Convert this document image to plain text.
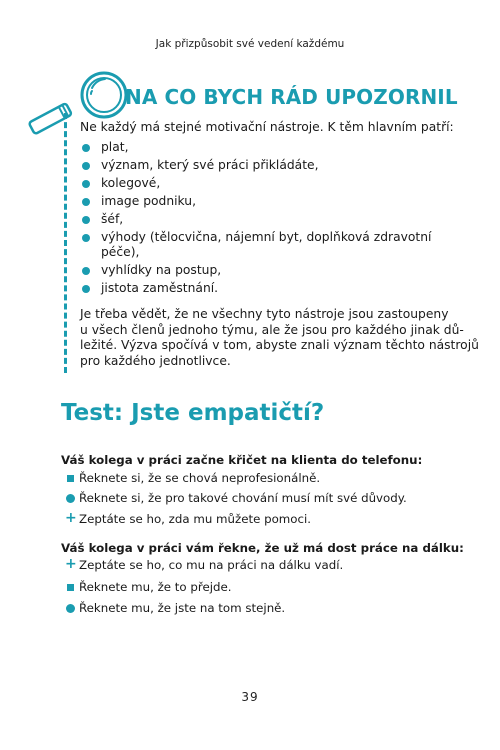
Jak přizpůsobit své vedení každému
NA CO BYCH RÁD UPOZORNIL
Ne každý má stejné motivační nástroje. K těm hlavním patří:
plat,
význam, který své práci přikládáte,
kolegové,
image podniku,
šéf,
výhody (tělocvična, nájemní byt, doplňková zdravotní
péče),
vyhlídky na postup,
jistota zaměstnání.
Je třeba vědět, že ne všechny tyto nástroje jsou zastoupeny
u všech členů jednoho týmu, ale že jsou pro každého jinak dů-
ležité. Výzva spočívá v tom, abyste znali význam těchto nástrojů
pro každého jednotlivce.
Test: Jste empatičtí?
Váš kolega v práci začne křičet na klienta do telefonu:
Řeknete si, že se chová neprofesionálně.
Řeknete si, že pro takové chování musí mít své důvody.
+ Zeptáte se ho, zda mu můžete pomoci.
Váš kolega v práci vám řekne, že už má dost práce na dálku:
+ Zeptáte se ho, co mu na práci na dálku vadí.
Řeknete mu, že to přejde.
Řeknete mu, že jste na tom stejně.
39
